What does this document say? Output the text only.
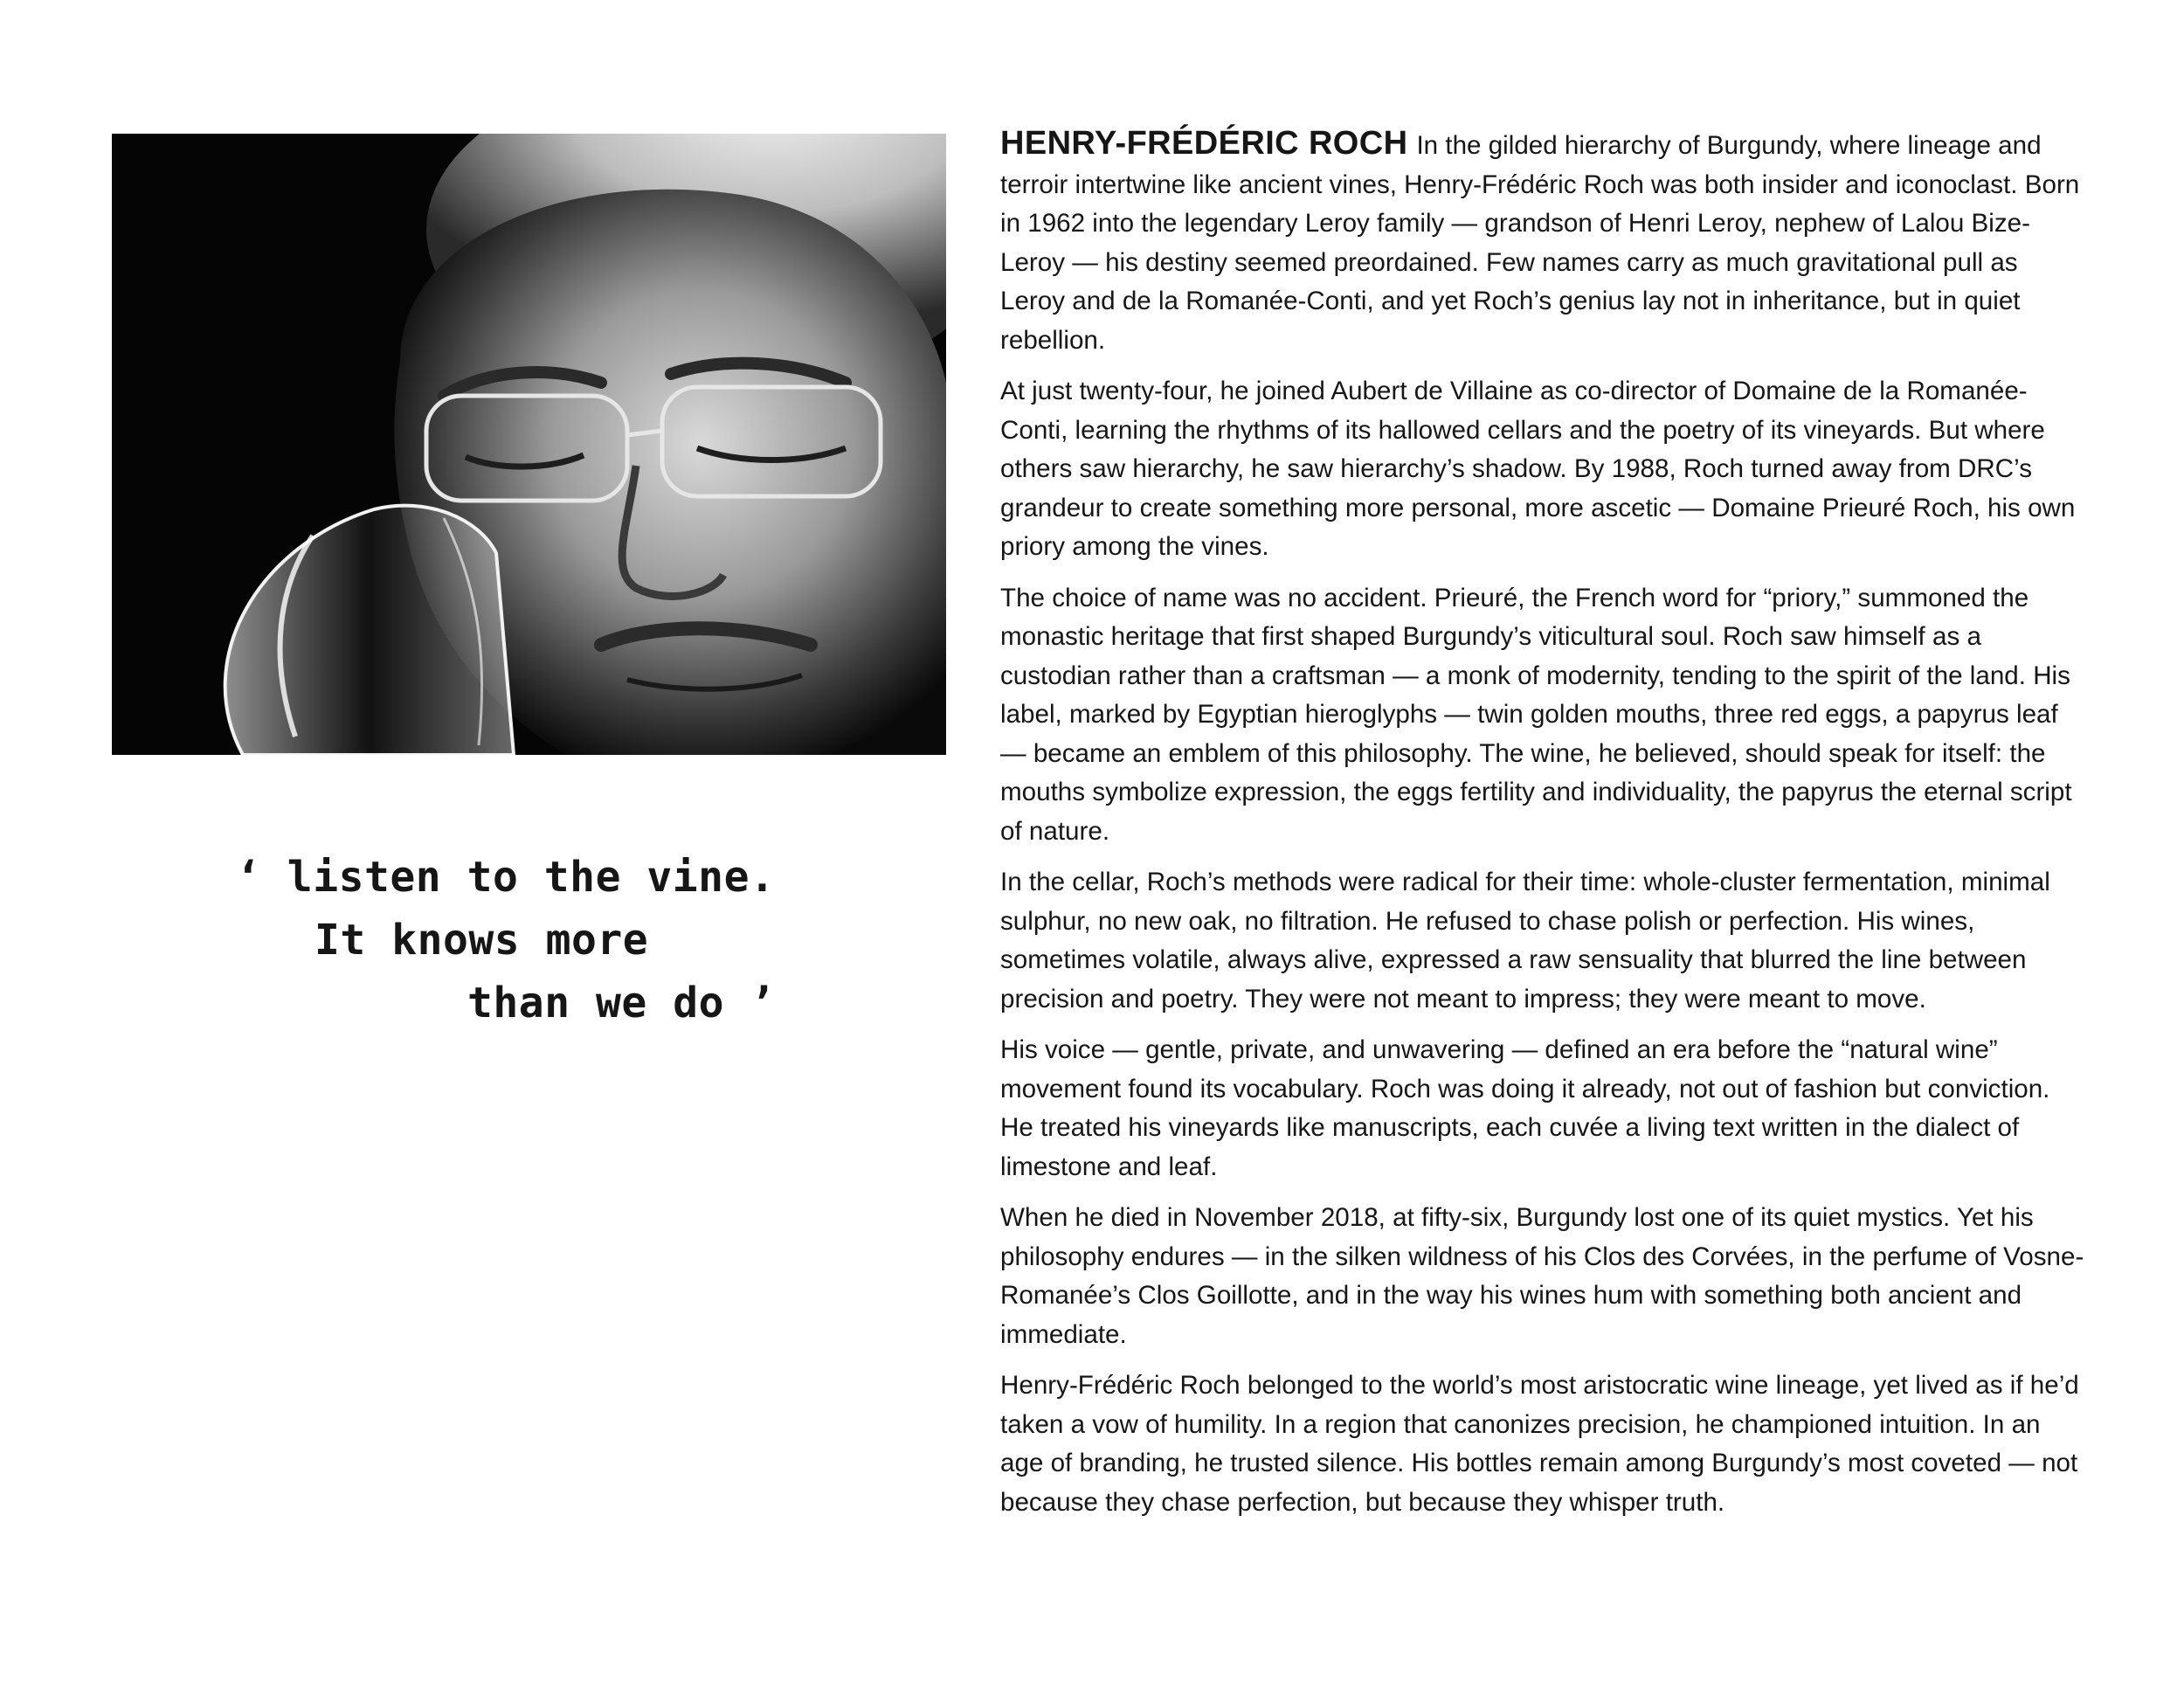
‘ listen to the vine.
It knows more
than we do ’

HENRY-FRÉDÉRIC ROCH In the gilded hierarchy of Burgundy, where lineage and terroir intertwine like ancient vines, Henry-Frédéric Roch was both insider and iconoclast. Born in 1962 into the legendary Leroy family — grandson of Henri Leroy, nephew of Lalou Bize-Leroy — his destiny seemed preordained. Few names carry as much gravitational pull as Leroy and de la Romanée-Conti, and yet Roch’s genius lay not in inheritance, but in quiet rebellion.

At just twenty-four, he joined Aubert de Villaine as co-director of Domaine de la Romanée-Conti, learning the rhythms of its hallowed cellars and the poetry of its vineyards. But where others saw hierarchy, he saw hierarchy’s shadow. By 1988, Roch turned away from DRC’s grandeur to create something more personal, more ascetic — Domaine Prieuré Roch, his own priory among the vines.

The choice of name was no accident. Prieuré, the French word for “priory,” summoned the monastic heritage that first shaped Burgundy’s viticultural soul. Roch saw himself as a custodian rather than a craftsman — a monk of modernity, tending to the spirit of the land. His label, marked by Egyptian hieroglyphs — twin golden mouths, three red eggs, a papyrus leaf — became an emblem of this philosophy. The wine, he believed, should speak for itself: the mouths symbolize expression, the eggs fertility and individuality, the papyrus the eternal script of nature.

In the cellar, Roch’s methods were radical for their time: whole-cluster fermentation, minimal sulphur, no new oak, no filtration. He refused to chase polish or perfection. His wines, sometimes volatile, always alive, expressed a raw sensuality that blurred the line between precision and poetry. They were not meant to impress; they were meant to move.

His voice — gentle, private, and unwavering — defined an era before the “natural wine” movement found its vocabulary. Roch was doing it already, not out of fashion but conviction. He treated his vineyards like manuscripts, each cuvée a living text written in the dialect of limestone and leaf.

When he died in November 2018, at fifty-six, Burgundy lost one of its quiet mystics. Yet his philosophy endures — in the silken wildness of his Clos des Corvées, in the perfume of Vosne-Romanée’s Clos Goillotte, and in the way his wines hum with something both ancient and immediate.

Henry-Frédéric Roch belonged to the world’s most aristocratic wine lineage, yet lived as if he’d taken a vow of humility. In a region that canonizes precision, he championed intuition. In an age of branding, he trusted silence. His bottles remain among Burgundy’s most coveted — not because they chase perfection, but because they whisper truth.
